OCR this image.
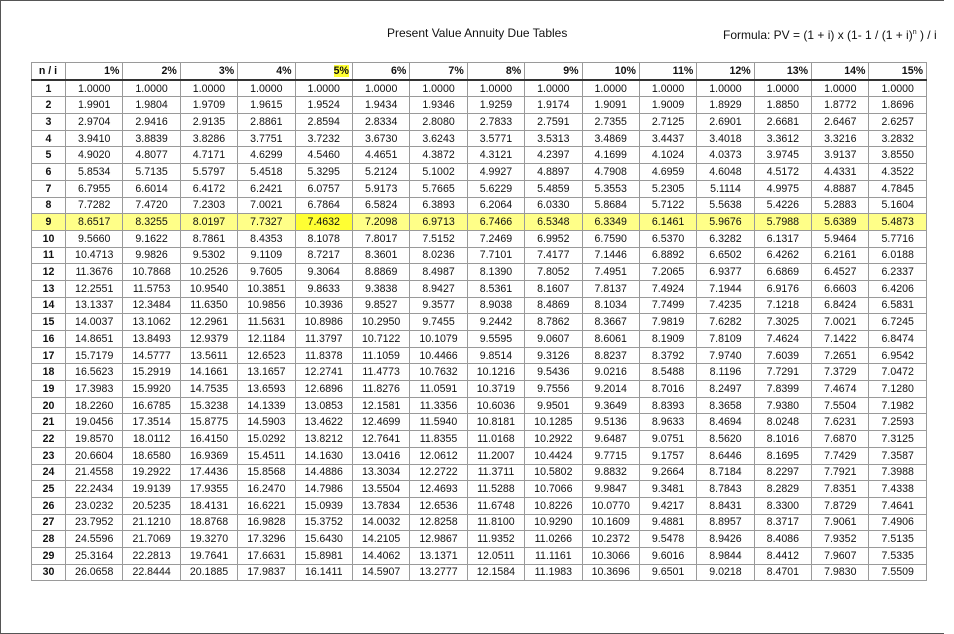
Present Value Annuity Due Tables	Formula: PV = (1 + i) x (1- $1 / (1 + i)^n$ ) / i
n / i	1%	2%	3%	4%	5%	6%	7%	8%	9%	10%	11%	12%	13%	14%	15%
1	1.0000	1.0000	1.0000	1.0000	1.0000	1.0000	1.0000	1.0000	1.0000	1.0000	1.0000	1.0000	1.0000	1.0000	1.0000
2	1.9901	1.9804	1.9709	1.9615	1.9524	1.9434	1.9346	1.9259	1.9174	1.9091	1.9009	1.8929	1.8850	1.8772	1.8696
3	2.9704	2.9416	2.9135	2.8861	2.8594	2.8334	2.8080	2.7833	2.7591	2.7355	2.7125	2.6901	2.6681	2.6467	2.6257
4	3.9410	3.8839	3.8286	3.7751	3.7232	3.6730	3.6243	3.5771	3.5313	3.4869	3.4437	3.4018	3.3612	3.3216	3.2832
5	4.9020	4.8077	4.7171	4.6299	4.5460	4.4651	4.3872	4.3121	4.2397	4.1699	4.1024	4.0373	3.9745	3.9137	3.8550
6	5.8534	5.7135	5.5797	5.4518	5.3295	5.2124	5.1002	4.9927	4.8897	4.7908	4.6959	4.6048	4.5172	4.4331	4.3522
7	6.7955	6.6014	6.4172	6.2421	6.0757	5.9173	5.7665	5.6229	5.4859	5.3553	5.2305	5.1114	4.9975	4.8887	4.7845
8	7.7282	7.4720	7.2303	7.0021	6.7864	6.5824	6.3893	6.2064	6.0330	5.8684	5.7122	5.5638	5.4226	5.2883	5.1604
9	8.6517	8.3255	8.0197	7.7327	7.4632	7.2098	6.9713	6.7466	6.5348	6.3349	6.1461	5.9676	5.7988	5.6389	5.4873
10	9.5660	9.1622	8.7861	8.4353	8.1078	7.8017	7.5152	7.2469	6.9952	6.7590	6.5370	6.3282	6.1317	5.9464	5.7716
11	10.4713	9.9826	9.5302	9.1109	8.7217	8.3601	8.0236	7.7101	7.4177	7.1446	6.8892	6.6502	6.4262	6.2161	6.0188
12	11.3676	10.7868	10.2526	9.7605	9.3064	8.8869	8.4987	8.1390	7.8052	7.4951	7.2065	6.9377	6.6869	6.4527	6.2337
13	12.2551	11.5753	10.9540	10.3851	9.8633	9.3838	8.9427	8.5361	8.1607	7.8137	7.4924	7.1944	6.9176	6.6603	6.4206
14	13.1337	12.3484	11.6350	10.9856	10.3936	9.8527	9.3577	8.9038	8.4869	8.1034	7.7499	7.4235	7.1218	6.8424	6.5831
15	14.0037	13.1062	12.2961	11.5631	10.8986	10.2950	9.7455	9.2442	8.7862	8.3667	7.9819	7.6282	7.3025	7.0021	6.7245
16	14.8651	13.8493	12.9379	12.1184	11.3797	10.7122	10.1079	9.5595	9.0607	8.6061	8.1909	7.8109	7.4624	7.1422	6.8474
17	15.7179	14.5777	13.5611	12.6523	11.8378	11.1059	10.4466	9.8514	9.3126	8.8237	8.3792	7.9740	7.6039	7.2651	6.9542
18	16.5623	15.2919	14.1661	13.1657	12.2741	11.4773	10.7632	10.1216	9.5436	9.0216	8.5488	8.1196	7.7291	7.3729	7.0472
19	17.3983	15.9920	14.7535	13.6593	12.6896	11.8276	11.0591	10.3719	9.7556	9.2014	8.7016	8.2497	7.8399	7.4674	7.1280
20	18.2260	16.6785	15.3238	14.1339	13.0853	12.1581	11.3356	10.6036	9.9501	9.3649	8.8393	8.3658	7.9380	7.5504	7.1982
21	19.0456	17.3514	15.8775	14.5903	13.4622	12.4699	11.5940	10.8181	10.1285	9.5136	8.9633	8.4694	8.0248	7.6231	7.2593
22	19.8570	18.0112	16.4150	15.0292	13.8212	12.7641	11.8355	11.0168	10.2922	9.6487	9.0751	8.5620	8.1016	7.6870	7.3125
23	20.6604	18.6580	16.9369	15.4511	14.1630	13.0416	12.0612	11.2007	10.4424	9.7715	9.1757	8.6446	8.1695	7.7429	7.3587
24	21.4558	19.2922	17.4436	15.8568	14.4886	13.3034	12.2722	11.3711	10.5802	9.8832	9.2664	8.7184	8.2297	7.7921	7.3988
25	22.2434	19.9139	17.9355	16.2470	14.7986	13.5504	12.4693	11.5288	10.7066	9.9847	9.3481	8.7843	8.2829	7.8351	7.4338
26	23.0232	20.5235	18.4131	16.6221	15.0939	13.7834	12.6536	11.6748	10.8226	10.0770	9.4217	8.8431	8.3300	7.8729	7.4641
27	23.7952	21.1210	18.8768	16.9828	15.3752	14.0032	12.8258	11.8100	10.9290	10.1609	9.4881	8.8957	8.3717	7.9061	7.4906
28	24.5596	21.7069	19.3270	17.3296	15.6430	14.2105	12.9867	11.9352	11.0266	10.2372	9.5478	8.9426	8.4086	7.9352	7.5135
29	25.3164	22.2813	19.7641	17.6631	15.8981	14.4062	13.1371	12.0511	11.1161	10.3066	9.6016	8.9844	8.4412	7.9607	7.5335
30	26.0658	22.8444	20.1885	17.9837	16.1411	14.5907	13.2777	12.1584	11.1983	10.3696	9.6501	9.0218	8.4701	7.9830	7.5509
